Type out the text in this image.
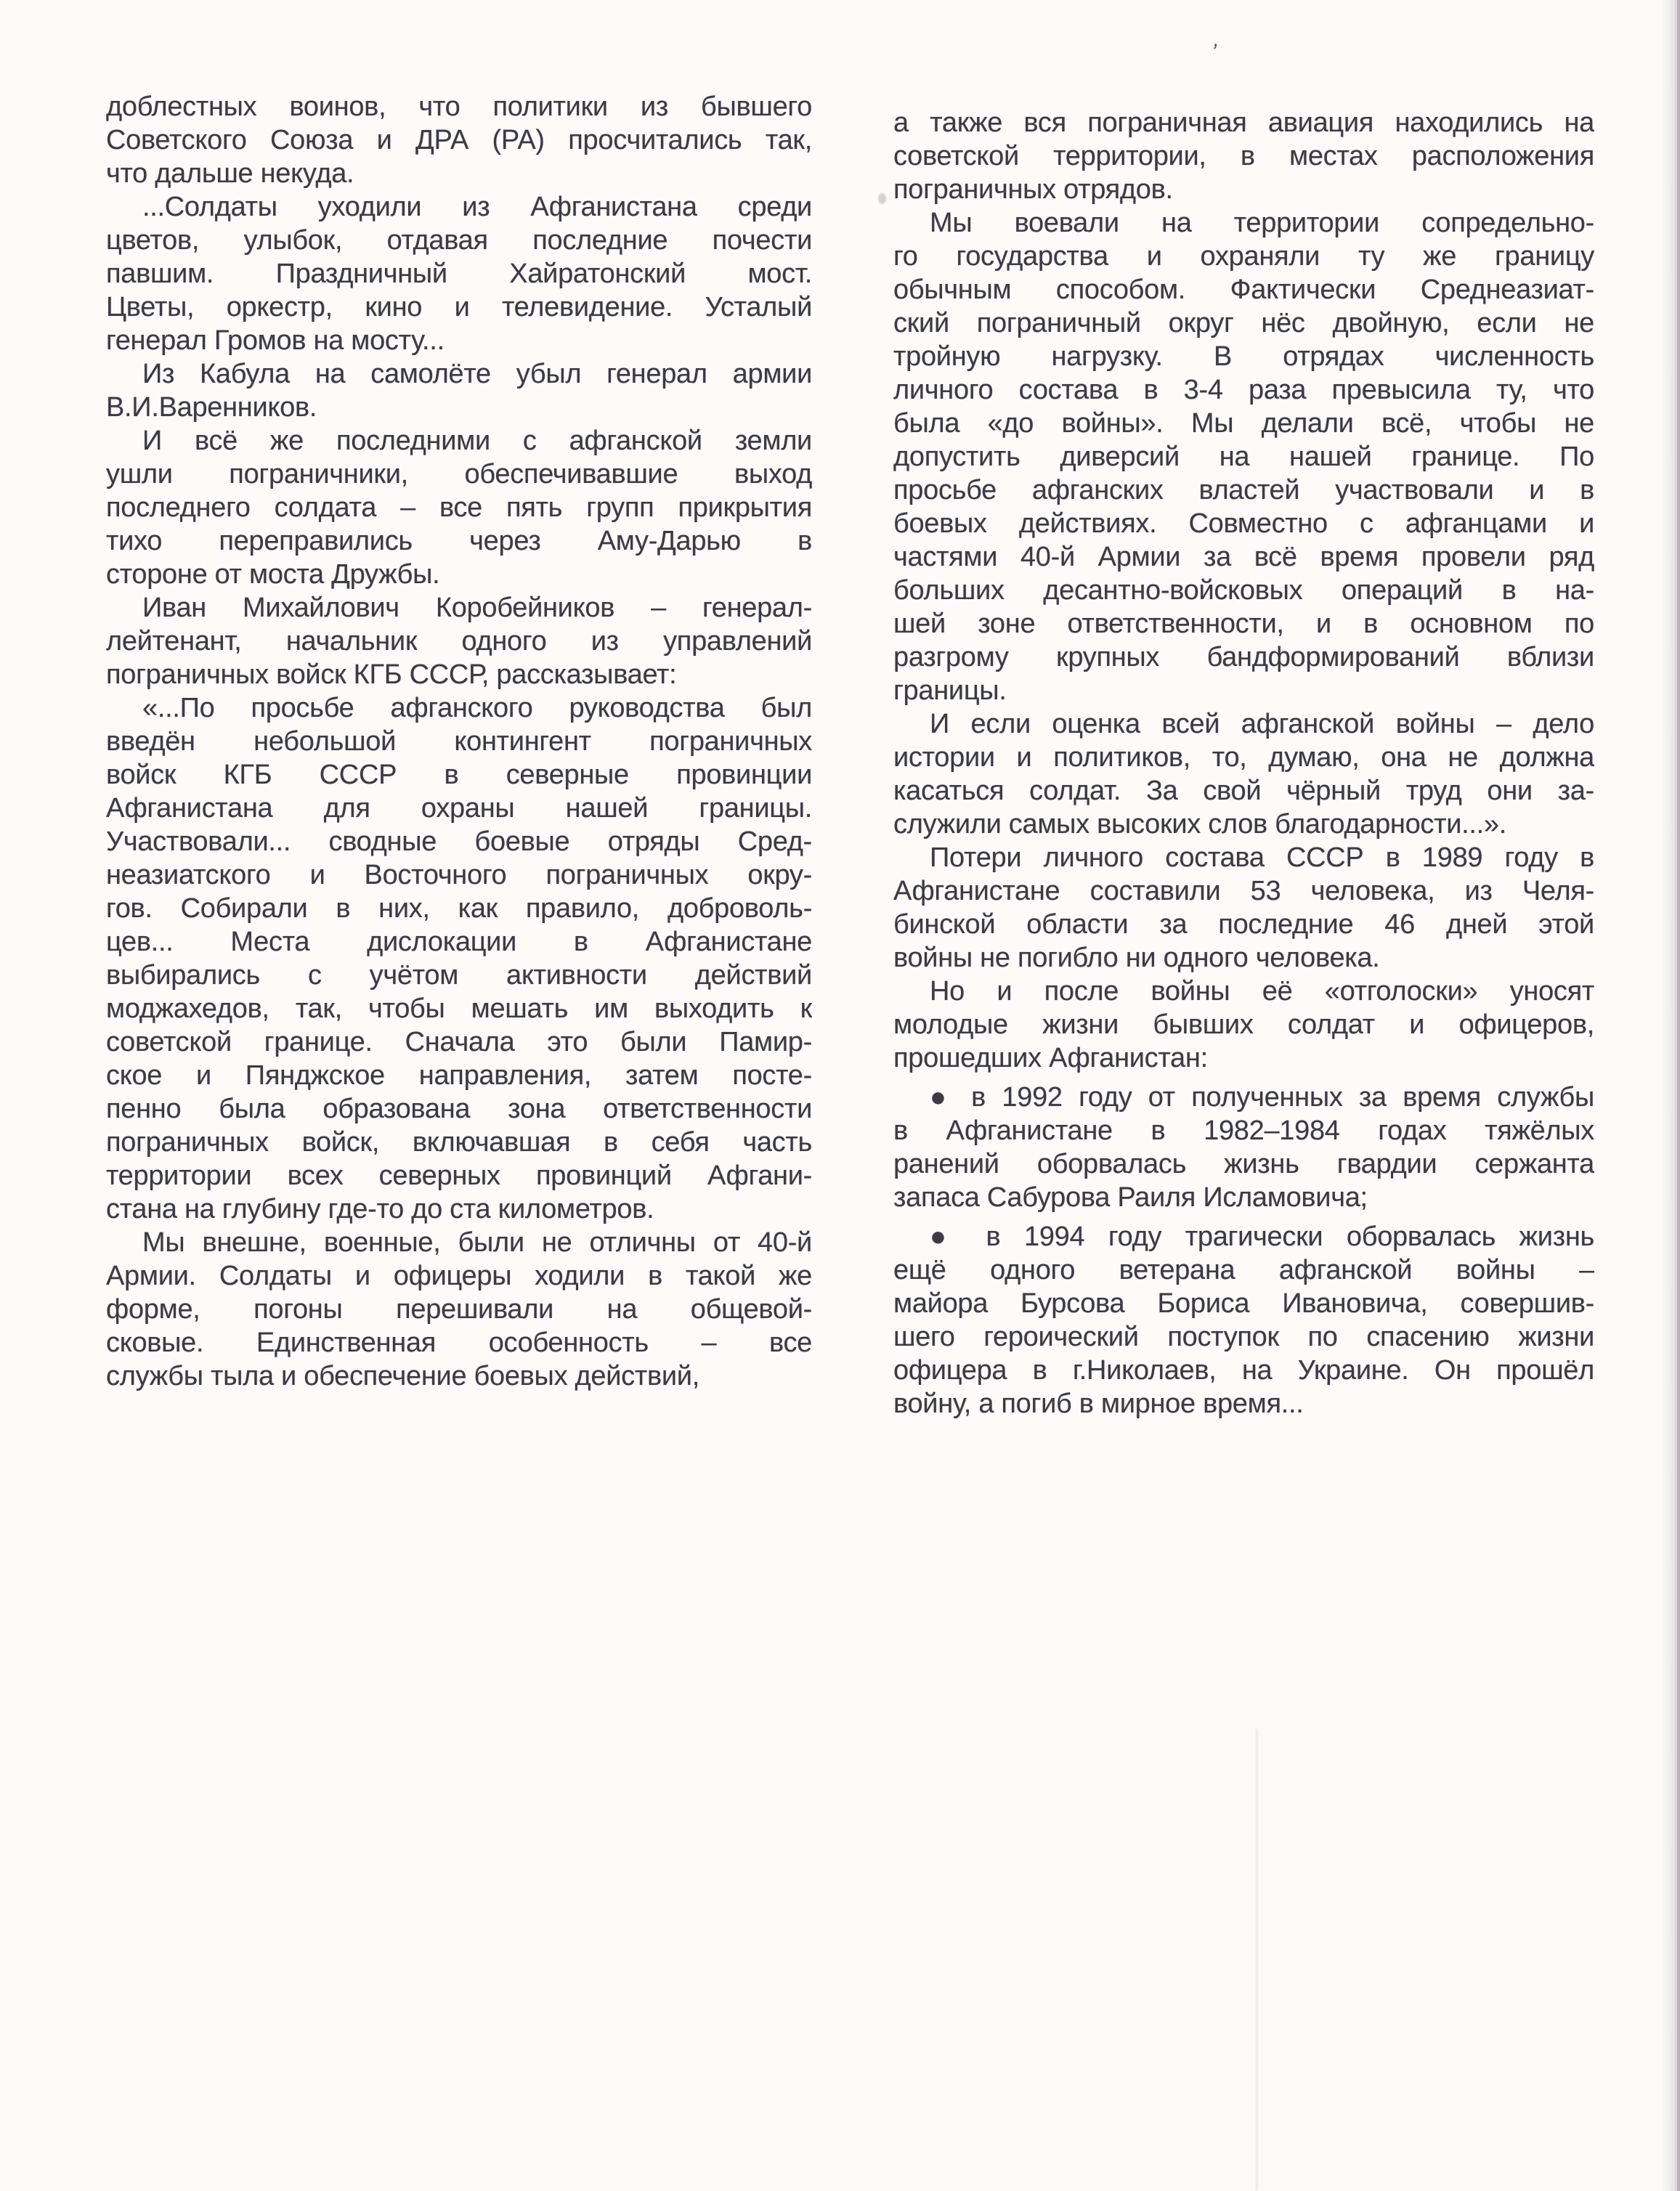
доблестных воинов, что политики из бывшего
Советского Союза и ДРА (РА) просчитались так,
что дальше некуда.
...Солдаты уходили из Афганистана среди
цветов, улыбок, отдавая последние почести
павшим. Праздничный Хайратонский мост.
Цветы, оркестр, кино и телевидение. Усталый
генерал Громов на мосту...
Из Кабула на самолёте убыл генерал армии
В.И.Варенников.
И всё же последними с афганской земли
ушли пограничники, обеспечивавшие выход
последнего солдата – все пять групп прикрытия
тихо переправились через Аму-Дарью в
стороне от моста Дружбы.
Иван Михайлович Коробейников – генерал-
лейтенант, начальник одного из управлений
пограничных войск КГБ СССР, рассказывает:
«...По просьбе афганского руководства был
введён небольшой контингент пограничных
войск КГБ СССР в северные провинции
Афганистана для охраны нашей границы.
Участвовали... сводные боевые отряды Сред-
неазиатского и Восточного пограничных окру-
гов. Собирали в них, как правило, доброволь-
цев... Места дислокации в Афганистане
выбирались с учётом активности действий
моджахедов, так, чтобы мешать им выходить к
советской границе. Сначала это были Памир-
ское и Пянджское направления, затем посте-
пенно была образована зона ответственности
пограничных войск, включавшая в себя часть
территории всех северных провинций Афгани-
стана на глубину где-то до ста километров.
Мы внешне, военные, были не отличны от 40-й
Армии. Солдаты и офицеры ходили в такой же
форме, погоны перешивали на общевой-
сковые. Единственная особенность – все
службы тыла и обеспечение боевых действий,
а также вся пограничная авиация находились на
советской территории, в местах расположения
пограничных отрядов.
Мы воевали на территории сопредельно-
го государства и охраняли ту же границу
обычным способом. Фактически Среднеазиат-
ский пограничный округ нёс двойную, если не
тройную нагрузку. В отрядах численность
личного состава в 3-4 раза превысила ту, что
была «до войны». Мы делали всё, чтобы не
допустить диверсий на нашей границе. По
просьбе афганских властей участвовали и в
боевых действиях. Совместно с афганцами и
частями 40-й Армии за всё время провели ряд
больших десантно-войсковых операций в на-
шей зоне ответственности, и в основном по
разгрому крупных бандформирований вблизи
границы.
И если оценка всей афганской войны – дело
истории и политиков, то, думаю, она не должна
касаться солдат. За свой чёрный труд они за-
служили самых высоких слов благодарности...».
Потери личного состава СССР в 1989 году в
Афганистане составили 53 человека, из Челя-
бинской области за последние 46 дней этой
войны не погибло ни одного человека.
Но и после войны её «отголоски» уносят
молодые жизни бывших солдат и офицеров,
прошедших Афганистан:
● в 1992 году от полученных за время службы
в Афганистане в 1982–1984 годах тяжёлых
ранений оборвалась жизнь гвардии сержанта
запаса Сабурова Раиля Исламовича;
● в 1994 году трагически оборвалась жизнь
ещё одного ветерана афганской войны –
майора Бурсова Бориса Ивановича, совершив-
шего героический поступок по спасению жизни
офицера в г.Николаев, на Украине. Он прошёл
войну, а погиб в мирное время...
ʼ
